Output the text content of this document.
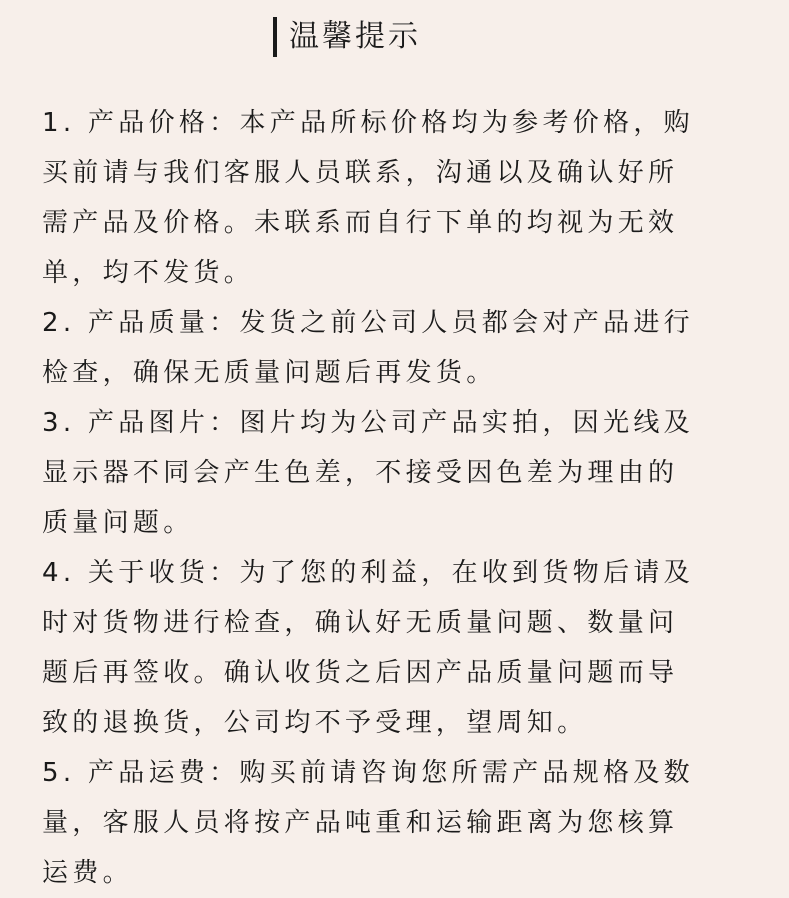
温馨提示
1. 产品价格：本产品所标价格均为参考价格，购
买前请与我们客服人员联系，沟通以及确认好所
需产品及价格。未联系而自行下单的均视为无效
单，均不发货。
2. 产品质量：发货之前公司人员都会对产品进行
检查，确保无质量问题后再发货。
3. 产品图片：图片均为公司产品实拍，因光线及
显示器不同会产生色差，不接受因色差为理由的
质量问题。
4. 关于收货：为了您的利益，在收到货物后请及
时对货物进行检查，确认好无质量问题、数量问
题后再签收。确认收货之后因产品质量问题而导
致的退换货，公司均不予受理，望周知。
5. 产品运费：购买前请咨询您所需产品规格及数
量，客服人员将按产品吨重和运输距离为您核算
运费。
